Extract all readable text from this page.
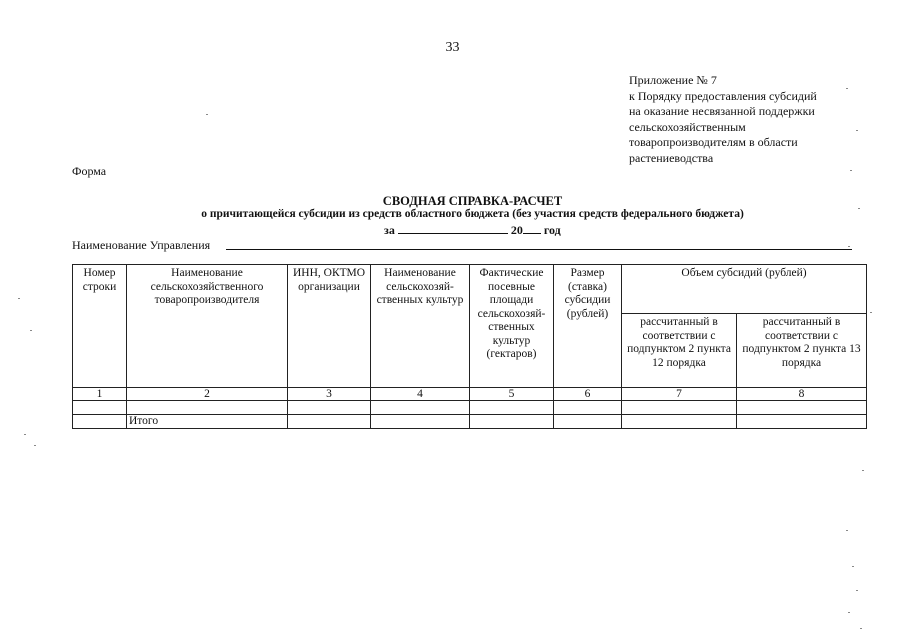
33
Приложение № 7
к Порядку предоставления субсидий
на оказание несвязанной поддержки
сельскохозяйственным
товаропроизводителям в области
растениеводства
Форма
СВОДНАЯ СПРАВКА-РАСЧЕТ
о причитающейся субсидии из средств областного бюджета (без участия средств федерального бюджета)
за	20 год
Наименование Управления
Номер строки	Наименование сельскохозяйственного товаропроизводителя	ИНН, ОКТМО организации	Наименование сельскохозяй-ственных культур	Фактические посевные площади сельскохозяй-ственных культур (гектаров)	Размер (ставка) субсидии (рублей)	Объем субсидий (рублей)	
						рассчитанный в соответствии с подпунктом 2 пункта 12 порядка	рассчитанный в соответствии с подпунктом 2 пункта 13 порядка
1	2	3	4	5	6	7	8

	Итого						
